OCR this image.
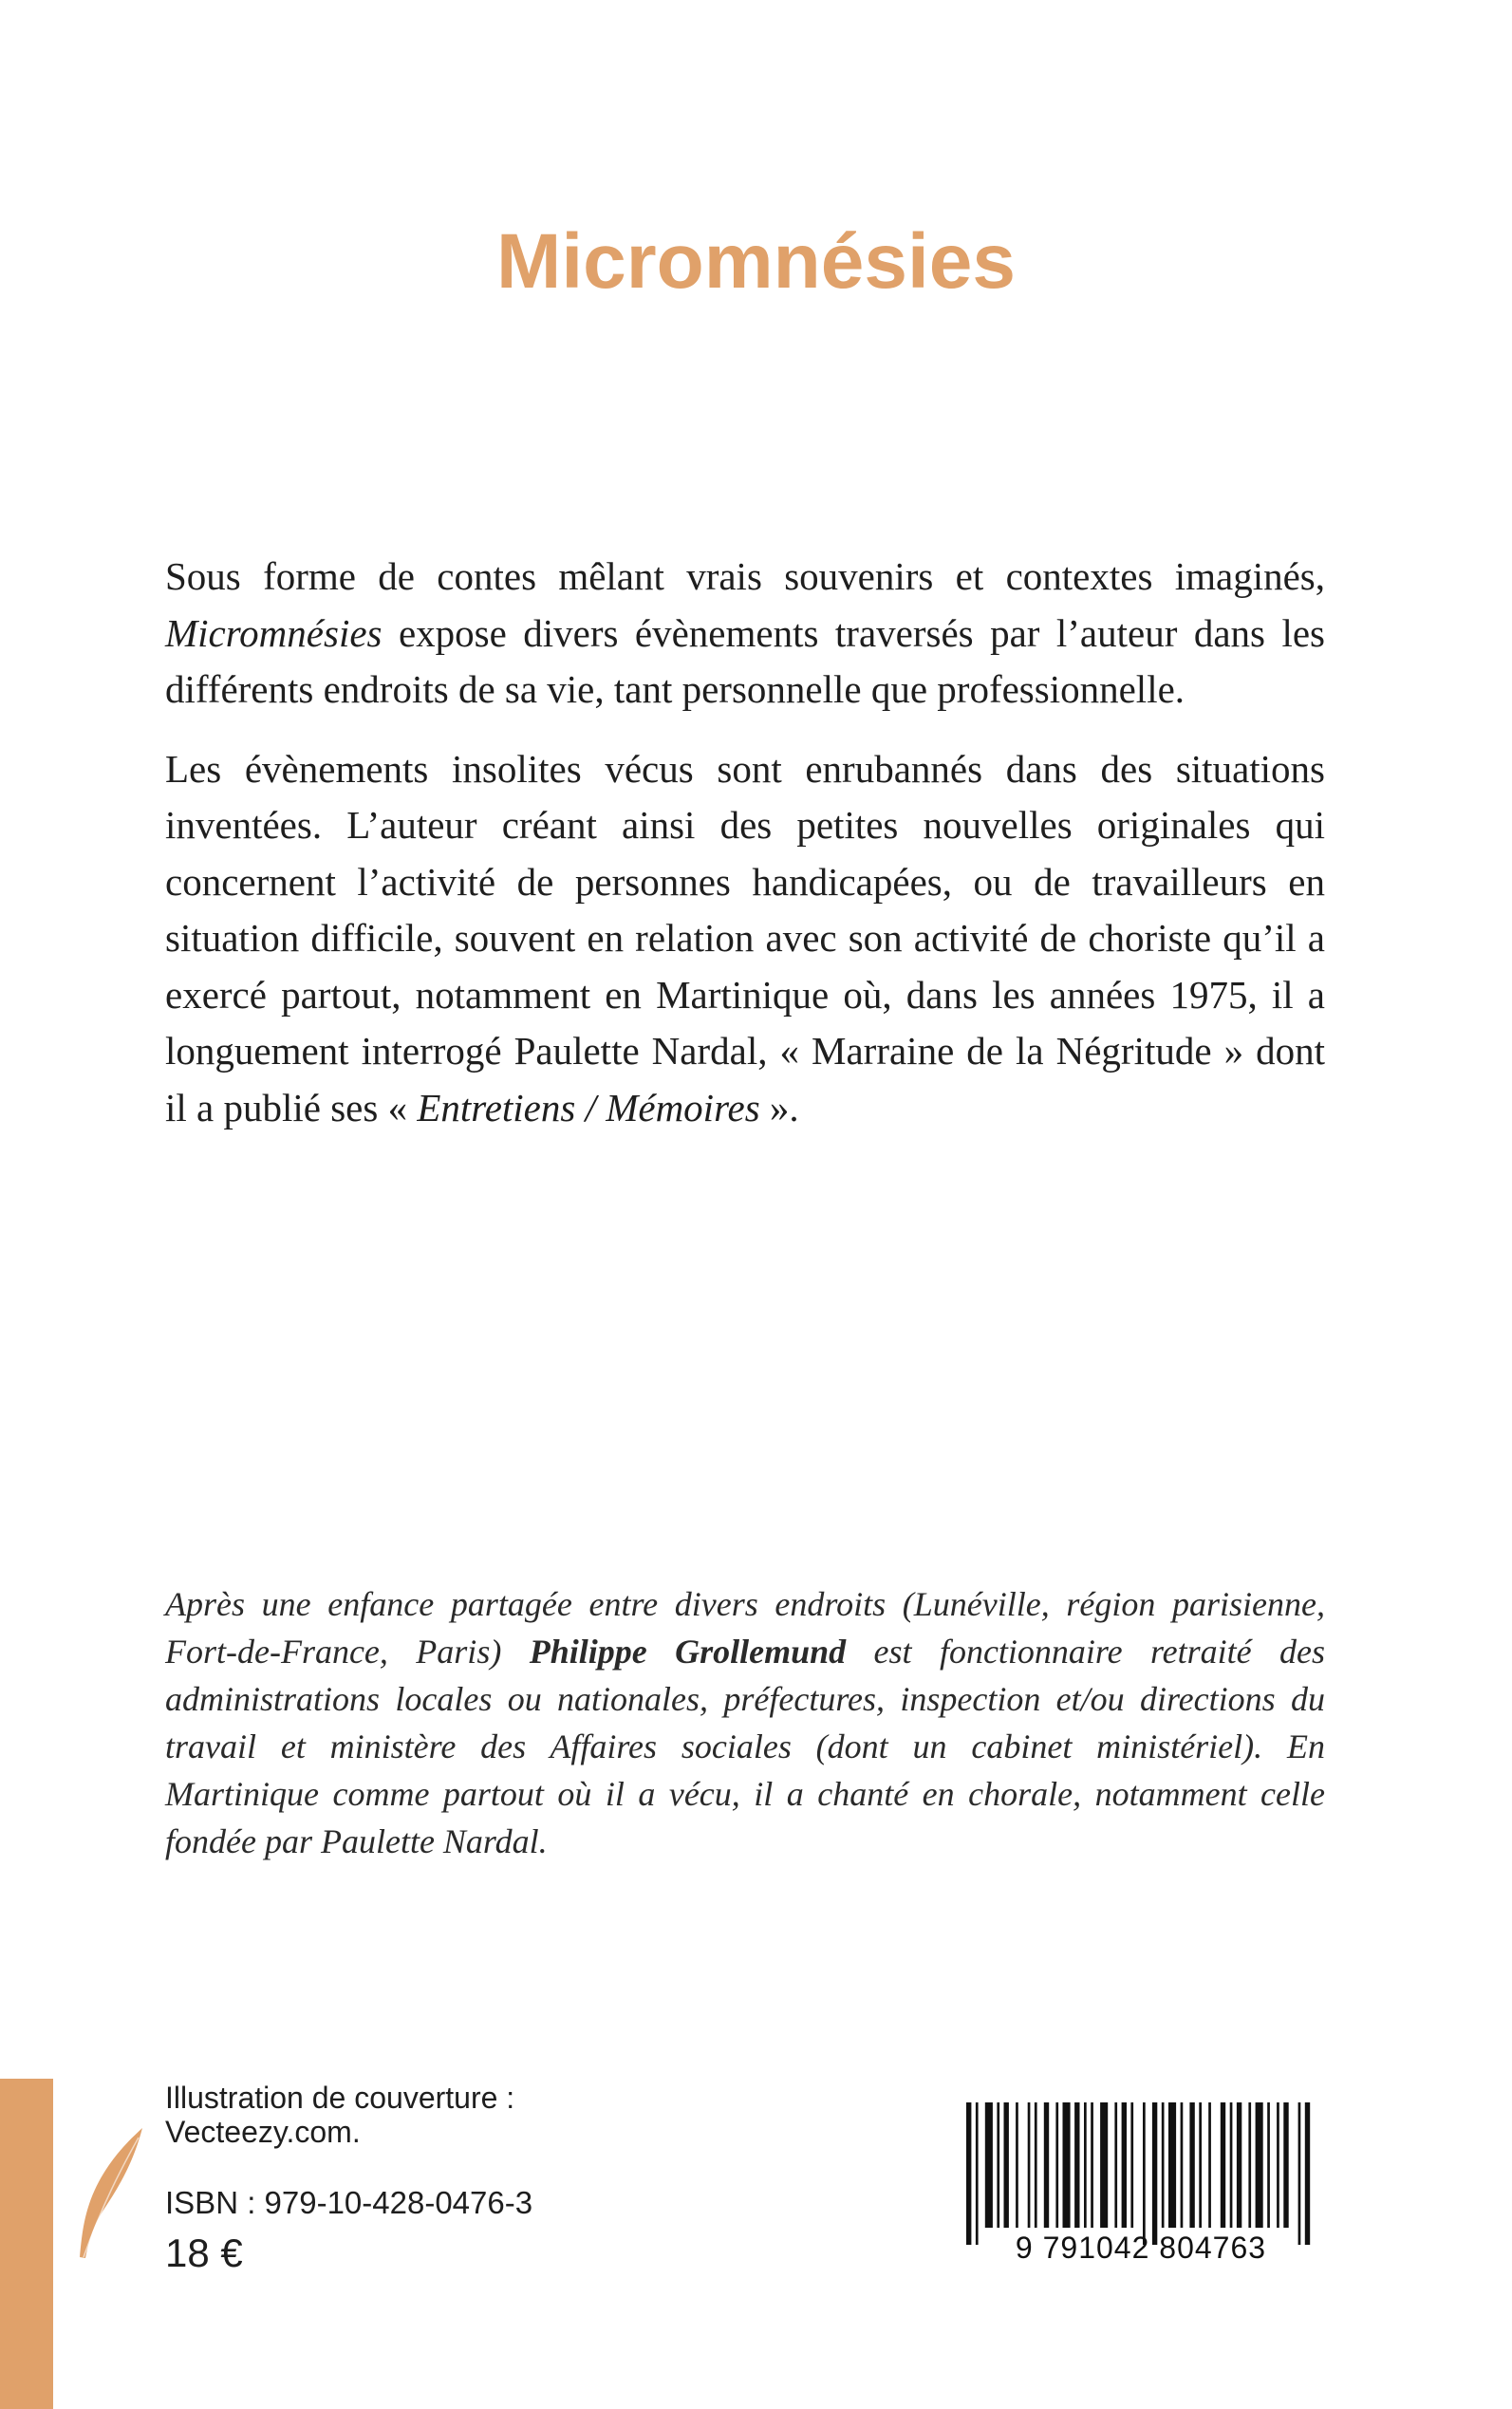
Micromnésies

Sous forme de contes mêlant vrais souvenirs et contextes imaginés, Micromnésies expose divers évènements traversés par l’auteur dans les différents endroits de sa vie, tant personnelle que professionnelle.

Les évènements insolites vécus sont enrubannés dans des situations inventées. L’auteur créant ainsi des petites nouvelles originales qui concernent l’activité de personnes handicapées, ou de travailleurs en situation difficile, souvent en relation avec son activité de choriste qu’il a exercé partout, notamment en Martinique où, dans les années 1975, il a longuement interrogé Paulette Nardal, « Marraine de la Négritude » dont il a publié ses « Entretiens / Mémoires ».

Après une enfance partagée entre divers endroits (Lunéville, région parisienne, Fort-de-France, Paris) Philippe Grollemund est fonctionnaire retraité des administrations locales ou nationales, préfectures, inspection et/ou directions du travail et ministère des Affaires sociales (dont un cabinet ministériel). En Martinique comme partout où il a vécu, il a chanté en chorale, notamment celle fondée par Paulette Nardal.
Illustration de couverture :
Vecteezy.com.
ISBN : 979-10-428-0476-3
18 €	9 791042 804763
